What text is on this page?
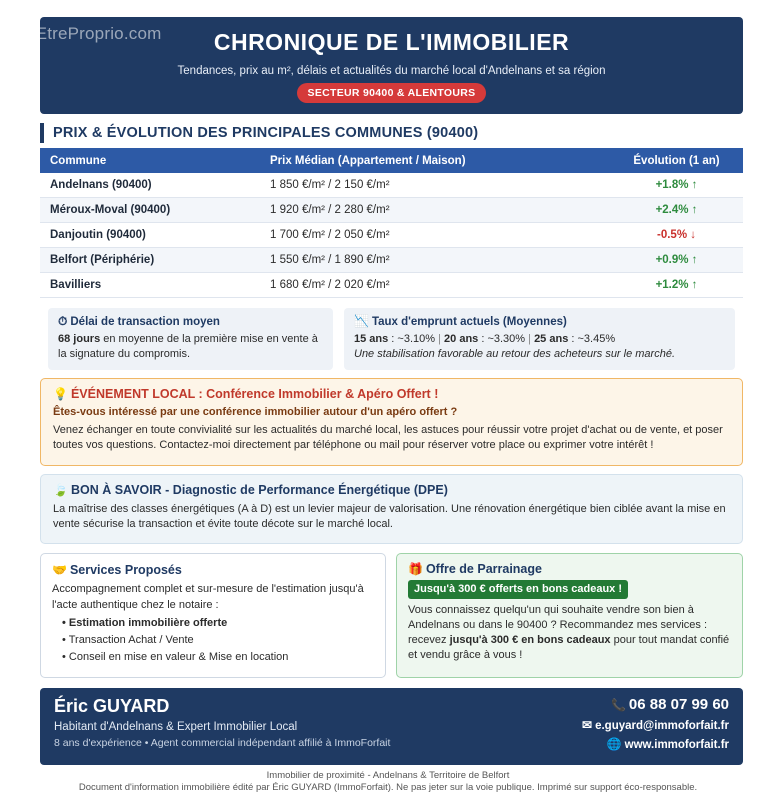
CHRONIQUE DE L'IMMOBILIER
Tendances, prix au m², délais et actualités du marché local d'Andelnans et sa région
SECTEUR 90400 & ALENTOURS
© EtreProprio.com
PRIX & ÉVOLUTION DES PRINCIPALES COMMUNES (90400)
Commune	Prix Médian (Appartement / Maison)	Évolution (1 an)
Andelnans (90400)	1 850 €/m² / 2 150 €/m²	+1.8% ↑
Méroux-Moval (90400)	1 920 €/m² / 2 280 €/m²	+2.4% ↑
Danjoutin (90400)	1 700 €/m² / 2 050 €/m²	-0.5% ↓
Belfort (Périphérie)	1 550 €/m² / 1 890 €/m²	+0.9% ↑
Bavilliers	1 680 €/m² / 2 020 €/m²	+1.2% ↑
⏱ Délai de transaction moyen
68 jours en moyenne de la première mise en vente à la signature du compromis.
📉 Taux d'emprunt actuels (Moyennes)
15 ans : ~3.10% | 20 ans : ~3.30% | 25 ans : ~3.45%
Une stabilisation favorable au retour des acheteurs sur le marché.
💡 ÉVÉNEMENT LOCAL : Conférence Immobilier & Apéro Offert !
Êtes-vous intéressé par une conférence immobilier autour d'un apéro offert ?
Venez échanger en toute convivialité sur les actualités du marché local, les astuces pour réussir votre projet d'achat ou de vente, et poser toutes vos questions. Contactez-moi directement par téléphone ou mail pour réserver votre place ou exprimer votre intérêt !
🍃 BON À SAVOIR - Diagnostic de Performance Énergétique (DPE)
La maîtrise des classes énergétiques (A à D) est un levier majeur de valorisation. Une rénovation énergétique bien ciblée avant la mise en vente sécurise la transaction et évite toute décote sur le marché local.
🤝 Services Proposés
Accompagnement complet et sur-mesure de l'estimation jusqu'à l'acte authentique chez le notaire :
• Estimation immobilière offerte
• Transaction Achat / Vente
• Conseil en mise en valeur & Mise en location
🎁 Offre de Parrainage
Jusqu'à 300 € offerts en bons cadeaux !
Vous connaissez quelqu'un qui souhaite vendre son bien à Andelnans ou dans le 90400 ? Recommandez mes services : recevez jusqu'à 300 € en bons cadeaux pour tout mandat confié et vendu grâce à vous !
Éric GUYARD
Habitant d'Andelnans & Expert Immobilier Local
8 ans d'expérience • Agent commercial indépendant affilié à ImmoForfait
📞 06 88 07 99 60
✉ e.guyard@immoforfait.fr
🌐 www.immoforfait.fr
Immobilier de proximité - Andelnans & Territoire de Belfort
Document d'information immobilière édité par Éric GUYARD (ImmoForfait). Ne pas jeter sur la voie publique. Imprimé sur support éco-responsable.
